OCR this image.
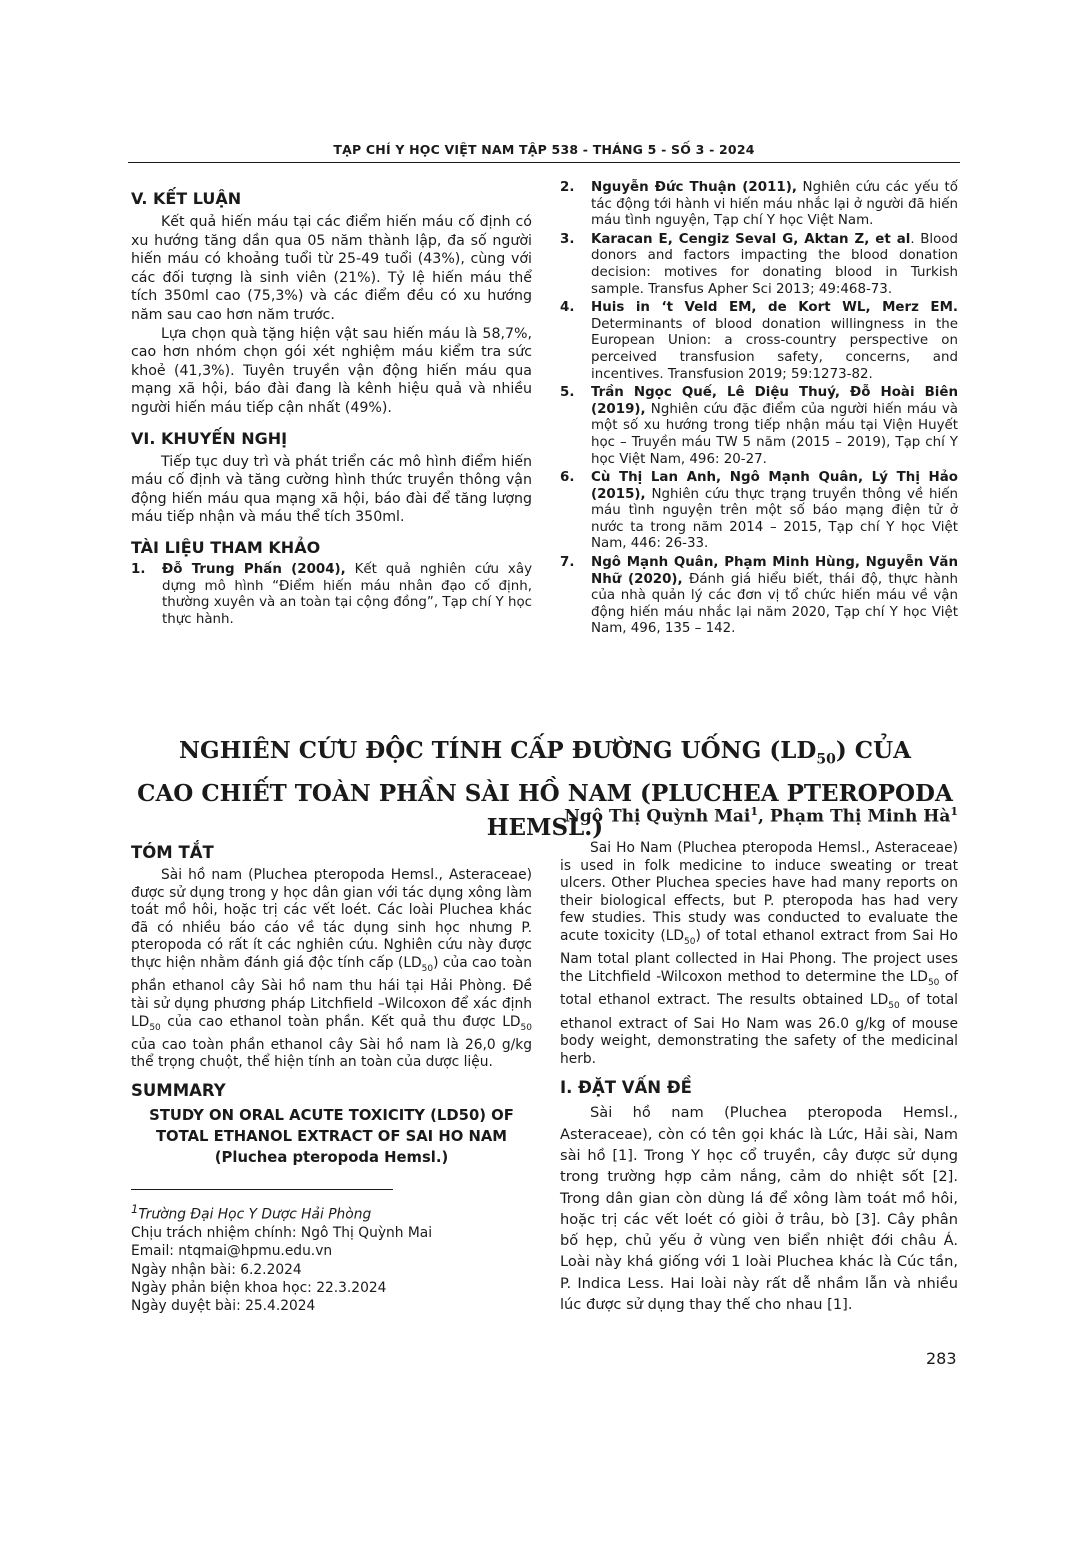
TẠP CHÍ Y HỌC VIỆT NAM TẬP 538 - THÁNG 5 - SỐ 3 - 2024
V. KẾT LUẬN

Kết quả hiến máu tại các điểm hiến máu cố định có xu hướng tăng dần qua 05 năm thành lập, đa số người hiến máu có khoảng tuổi từ 25-49 tuổi (43%), cùng với các đối tượng là sinh viên (21%). Tỷ lệ hiến máu thể tích 350ml cao (75,3%) và các điểm đều có xu hướng năm sau cao hơn năm trước.

Lựa chọn quà tặng hiện vật sau hiến máu là 58,7%, cao hơn nhóm chọn gói xét nghiệm máu kiểm tra sức khoẻ (41,3%). Tuyên truyền vận động hiến máu qua mạng xã hội, báo đài đang là kênh hiệu quả và nhiều người hiến máu tiếp cận nhất (49%).

VI. KHUYẾN NGHỊ

Tiếp tục duy trì và phát triển các mô hình điểm hiến máu cố định và tăng cường hình thức truyền thông vận động hiến máu qua mạng xã hội, báo đài để tăng lượng máu tiếp nhận và máu thể tích 350ml.

TÀI LIỆU THAM KHẢO
1. Đỗ Trung Phấn (2004), Kết quả nghiên cứu xây dựng mô hình “Điểm hiến máu nhân đạo cố định, thường xuyên và an toàn tại cộng đồng”, Tạp chí Y học thực hành.
2. Nguyễn Đức Thuận (2011), Nghiên cứu các yếu tố tác động tới hành vi hiến máu nhắc lại ở người đã hiến máu tình nguyện, Tạp chí Y học Việt Nam.
3. Karacan E, Cengiz Seval G, Aktan Z, et al. Blood donors and factors impacting the blood donation decision: motives for donating blood in Turkish sample. Transfus Apher Sci 2013; 49:468-73.
4. Huis in ‘t Veld EM, de Kort WL, Merz EM. Determinants of blood donation willingness in the European Union: a cross-country perspective on perceived transfusion safety, concerns, and incentives. Transfusion 2019; 59:1273-82.
5. Trần Ngọc Quế, Lê Diệu Thuý, Đỗ Hoài Biên (2019), Nghiên cứu đặc điểm của người hiến máu và một số xu hướng trong tiếp nhận máu tại Viện Huyết học – Truyền máu TW 5 năm (2015 – 2019), Tạp chí Y học Việt Nam, 496: 20-27.
6. Cù Thị Lan Anh, Ngô Mạnh Quân, Lý Thị Hảo (2015), Nghiên cứu thực trạng truyền thông về hiến máu tình nguyện trên một số báo mạng điện tử ở nước ta trong năm 2014 – 2015, Tạp chí Y học Việt Nam, 446: 26-33.
7. Ngô Mạnh Quân, Phạm Minh Hùng, Nguyễn Văn Nhữ (2020), Đánh giá hiểu biết, thái độ, thực hành của nhà quản lý các đơn vị tổ chức hiến máu về vận động hiến máu nhắc lại năm 2020, Tạp chí Y học Việt Nam, 496, 135 – 142.
NGHIÊN CỨU ĐỘC TÍNH CẤP ĐƯỜNG UỐNG $(LD_{50})$ CỦA
CAO CHIẾT TOÀN PHẦN SÀI HỒ NAM (PLUCHEA PTEROPODA HEMSL.)
Ngô Thị Quỳnh Mai$^1$, Phạm Thị Minh $Hà^1$
TÓM TẮT

Sài hồ nam (Pluchea pteropoda Hemsl., Asteraceae) được sử dụng trong y học dân gian với tác dụng xông làm toát mồ hôi, hoặc trị các vết loét. Các loài Pluchea khác đã có nhiều báo cáo về tác dụng sinh học nhưng P. pteropoda có rất ít các nghiên cứu. Nghiên cứu này được thực hiện nhằm đánh giá độc tính cấp $(LD_{50})$ của cao toàn phần ethanol cây Sài hồ nam thu hái tại Hải Phòng. Đề tài sử dụng phương pháp Litchfield –Wilcoxon để xác định $LD_{50}$ của cao ethanol toàn phần. Kết quả thu được $LD_{50}$ của cao toàn phần ethanol cây Sài hồ nam là 26,0 g/kg thể trọng chuột, thể hiện tính an toàn của dược liệu.

SUMMARY
STUDY ON ORAL ACUTE TOXICITY (LD50) OF TOTAL ETHANOL EXTRACT OF SAI HO NAM (Pluchea pteropoda Hemsl.)
$^1$Trường Đại Học Y Dược Hải Phòng
Chịu trách nhiệm chính: Ngô Thị Quỳnh Mai
Email: ntqmai@hpmu.edu.vn
Ngày nhận bài: 6.2.2024
Ngày phản biện khoa học: 22.3.2024
Ngày duyệt bài: 25.4.2024

Sai Ho Nam (Pluchea pteropoda Hemsl., Asteraceae) is used in folk medicine to induce sweating or treat ulcers. Other Pluchea species have had many reports on their biological effects, but P. pteropoda has had very few studies. This study was conducted to evaluate the acute toxicity $(LD_{50})$ of total ethanol extract from Sai Ho Nam total plant collected in Hai Phong. The project uses the Litchfield -Wilcoxon method to determine the $LD_{50}$ of total ethanol extract. The results obtained $LD_{50}$ of total ethanol extract of Sai Ho Nam was 26.0 g/kg of mouse body weight, demonstrating the safety of the medicinal herb.

I. ĐẶT VẤN ĐỀ

Sài hồ nam (Pluchea pteropoda Hemsl., Asteraceae), còn có tên gọi khác là Lức, Hải sài, Nam sài hồ [1]. Trong Y học cổ truyền, cây được sử dụng trong trường hợp cảm nắng, cảm do nhiệt sốt [2]. Trong dân gian còn dùng lá để xông làm toát mồ hôi, hoặc trị các vết loét có giòi ở trâu, bò [3]. Cây phân bố hẹp, chủ yếu ở vùng ven biển nhiệt đới châu Á. Loài này khá giống với 1 loài Pluchea khác là Cúc tần, P. Indica Less. Hai loài này rất dễ nhầm lẫn và nhiều lúc được sử dụng thay thế cho nhau [1].

283
